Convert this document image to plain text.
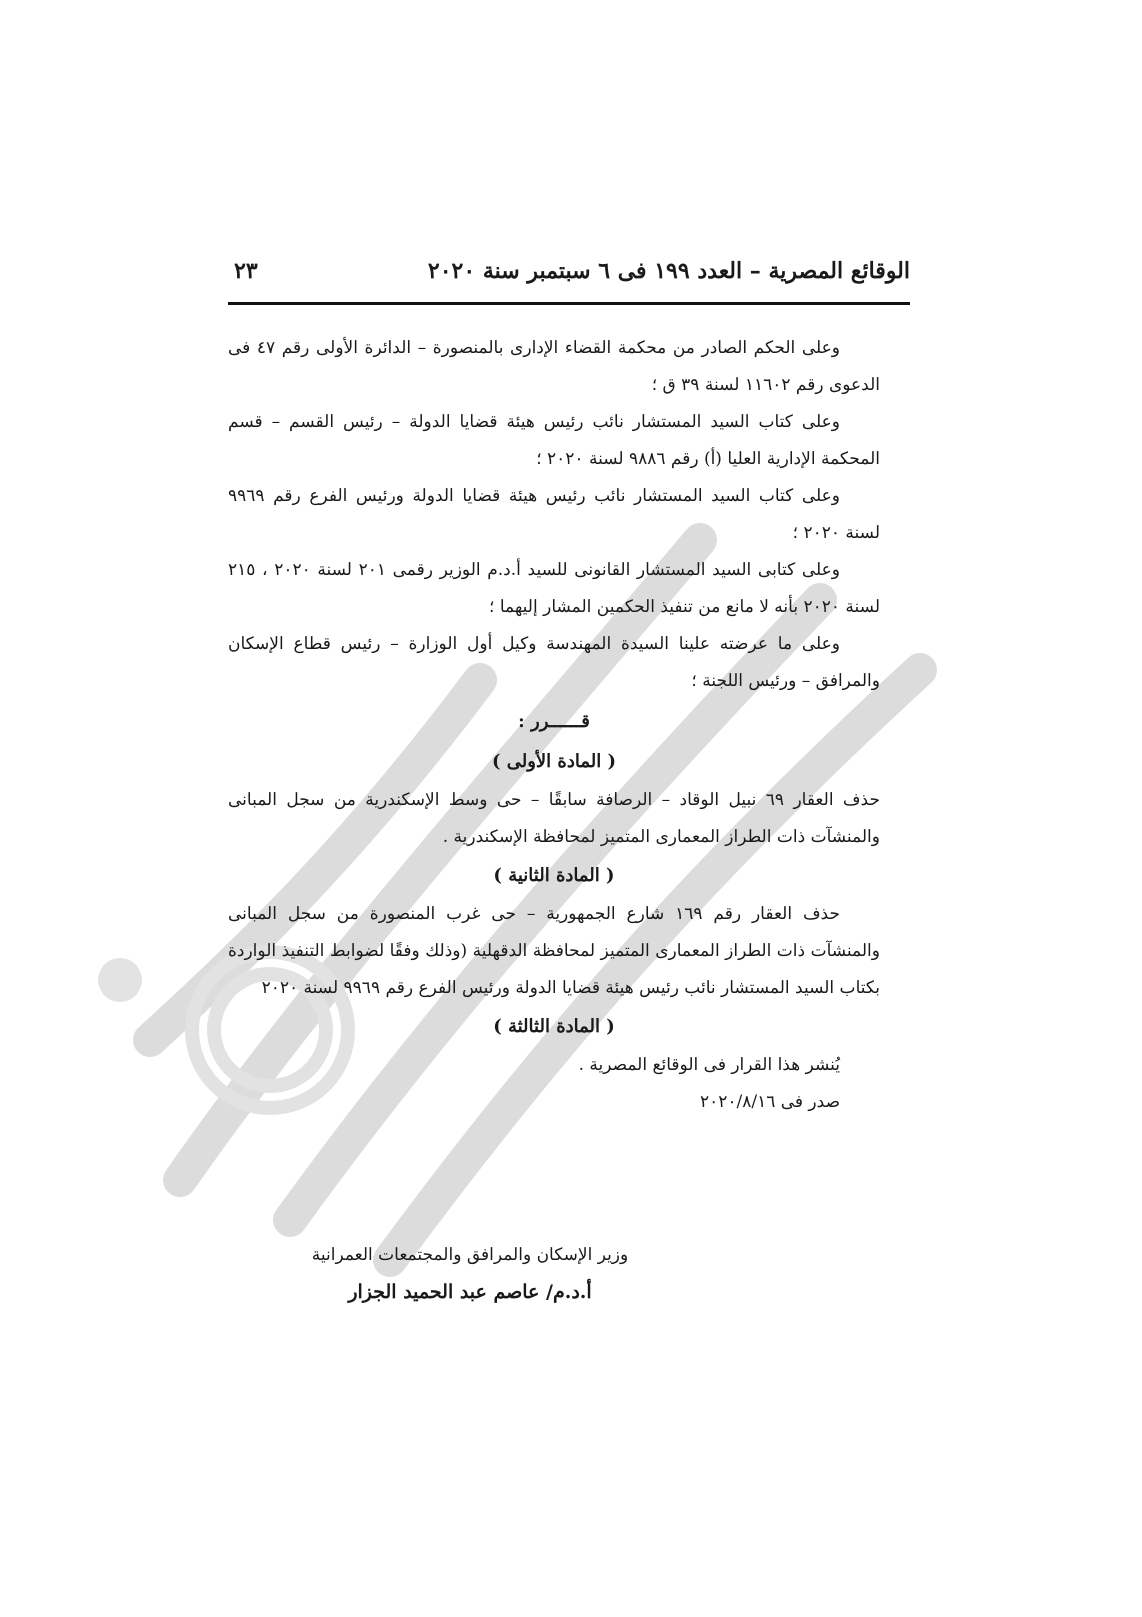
الوقائع المصرية – العدد ١٩٩ فى ٦ سبتمبر سنة ٢٠٢٠
٢٣

وعلى الحكم الصادر من محكمة القضاء الإدارى بالمنصورة – الدائرة الأولى رقم ٤٧ فى الدعوى رقم ١١٦٠٢ لسنة ٣٩ ق ؛

وعلى كتاب السيد المستشار نائب رئيس هيئة قضايا الدولة – رئيس القسم – قسم المحكمة الإدارية العليا (أ) رقم ٩٨٨٦ لسنة ٢٠٢٠ ؛

وعلى كتاب السيد المستشار نائب رئيس هيئة قضايا الدولة ورئيس الفرع رقم ٩٩٦٩ لسنة ٢٠٢٠ ؛

وعلى كتابى السيد المستشار القانونى للسيد أ.د.م الوزير رقمى ٢٠١ لسنة ٢٠٢٠ ، ٢١٥ لسنة ٢٠٢٠ بأنه لا مانع من تنفيذ الحكمين المشار إليهما ؛

وعلى ما عرضته علينا السيدة المهندسة وكيل أول الوزارة – رئيس قطاع الإسكان والمرافق – ورئيس اللجنة ؛

قــــــرر :

( المادة الأولى )

حذف العقار ٦٩ نبيل الوقاد – الرصافة سابقًا – حى وسط الإسكندرية من سجل المبانى والمنشآت ذات الطراز المعمارى المتميز لمحافظة الإسكندرية .

( المادة الثانية )

حذف العقار رقم ١٦٩ شارع الجمهورية – حى غرب المنصورة من سجل المبانى والمنشآت ذات الطراز المعمارى المتميز لمحافظة الدقهلية (وذلك وفقًا لضوابط التنفيذ الواردة بكتاب السيد المستشار نائب رئيس هيئة قضايا الدولة ورئيس الفرع رقم ٩٩٦٩ لسنة ٢٠٢٠

( المادة الثالثة )

يُنشر هذا القرار فى الوقائع المصرية .

صدر فى ٢٠٢٠/٨/١٦

وزير الإسكان والمرافق والمجتمعات العمرانية
أ.د.م/ عاصم عبد الحميد الجزار
